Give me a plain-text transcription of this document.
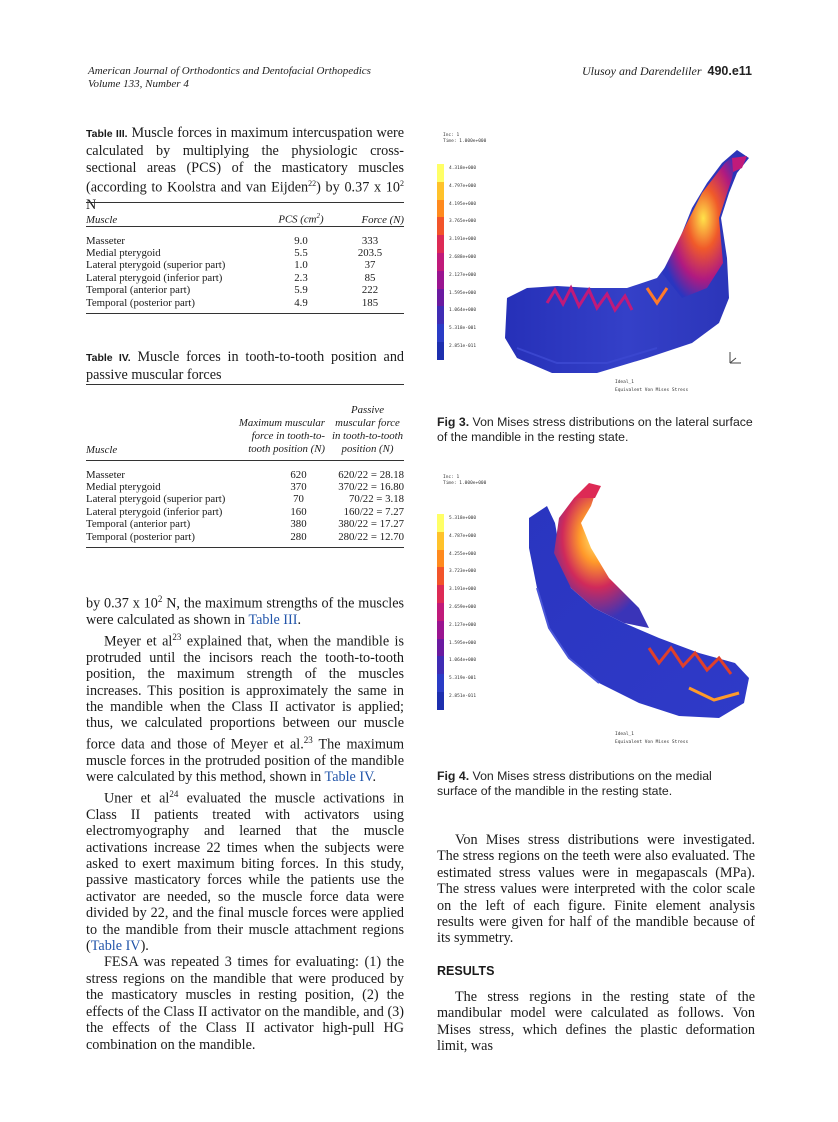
American Journal of Orthodontics and Dentofacial Orthopedics
Volume 133, Number 4
Ulusoy and Darendeliler 490.e11
Table III. Muscle forces in maximum intercuspation were calculated by multiplying the physiologic cross-sectional areas (PCS) of the masticatory muscles (according to Koolstra and van Eijden$^{22}$) by 0.37 x $10^2$ N
Muscle	PCS $(cm^2)$	Force (N)

Masseter	9.0	333
Medial pterygoid	5.5	203.5
Lateral pterygoid (superior part)	1.0	37
Lateral pterygoid (inferior part)	2.3	85
Temporal (anterior part)	5.9	222
Temporal (posterior part)	4.9	185
Table IV. Muscle forces in tooth-to-tooth position and passive muscular forces
Muscle	Maximum muscular force in tooth-to-tooth position (N)	Passive muscular force in tooth-to-tooth position (N)

Masseter	620	620/22 = 28.18
Medial pterygoid	370	370/22 = 16.80
Lateral pterygoid (superior part)	70	70/22 = 3.18
Lateral pterygoid (inferior part)	160	160/22 = 7.27
Temporal (anterior part)	380	380/22 = 17.27
Temporal (posterior part)	280	280/22 = 12.70

by 0.37 x $10^2$ N, the maximum strengths of the muscles were calculated as shown in Table III.

Meyer et $al^{23}$ explained that, when the mandible is protruded until the incisors reach the tooth-to-tooth position, the maximum strength of the muscles increases. This position is approximately the same in the mandible when the Class II activator is applied; thus, we calculated proportions between our muscle force data and those of Meyer et al.$^{23}$ The maximum muscle forces in the protruded position of the mandible were calculated by this method, shown in Table IV.

Uner et $al^{24}$ evaluated the muscle activations in Class II patients treated with activators using electromyography and learned that the muscle activations increase 22 times when the subjects were asked to exert maximum biting forces. In this study, passive masticatory forces while the patients use the activator are needed, so the muscle force data were divided by 22, and the final muscle forces were applied to the mandible from their muscle attachment regions (Table IV).

FESA was repeated 3 times for evaluating: (1) the stress regions on the mandible that were produced by the masticatory muscles in resting position, (2) the effects of the Class II activator on the mandible, and (3) the effects of the Class II activator high-pull HG combination on the mandible.

Inc: 1
Time: 1.000e+000
4.318e+000
4.797e+000
4.195e+000
3.765e+000
3.191e+000
2.688e+000
2.127e+000
1.595e+000
1.064e+000
5.318e-001
2.851e-011
Ideal_1
Equivalent Von Mises Stress
Fig 3. Von Mises stress distributions on the lateral surface of the mandible in the resting state.
Inc: 1
Time: 1.000e+000
5.318e+000
4.787e+000
4.255e+000
3.723e+000
3.191e+000
2.659e+000
2.127e+000
1.595e+000
1.064e+000
5.319e-001
2.851e-011
Ideal_1
Equivalent Von Mises Stress
Fig 4. Von Mises stress distributions on the medial surface of the mandible in the resting state.

Von Mises stress distributions were investigated. The stress regions on the teeth were also evaluated. The estimated stress values were in megapascals (MPa). The stress values were interpreted with the color scale on the left of each figure. Finite element analysis results were given for half of the mandible because of its symmetry.

RESULTS

The stress regions in the resting state of the mandibular model were calculated as follows. Von Mises stress, which defines the plastic deformation limit, was
